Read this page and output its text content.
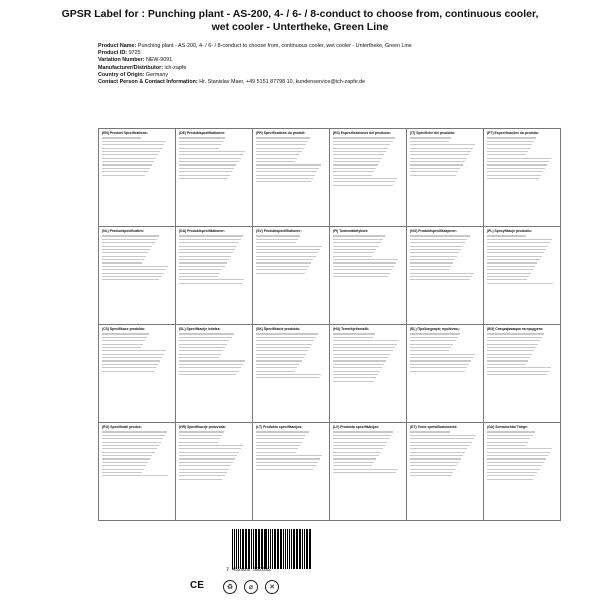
GPSR Label for : Punching plant - AS-200, 4- / 6- / 8-conduct to choose from, continuous cooler, wet cooler - Untertheke, Green Line
Product Name: Punching plant - AS-200, 4- / 6- / 8-conduct to choose from, continuous cooler, wet cooler - Untertheke, Green Line
Product ID: 9725
Variation Number: NEW-9091
Manufacturer/Distributor: ich-zapfe
Country of Origin: Germany
Contact Person & Contact Information: Hr. Stanislav Maer, +49 5151 87798 10, kundenservice@ich-zapfe.de
(EN) Product Specifications:	(DE) Produktspezifikationen:	(FR) Spécifications du produit:	(ES) Especificaciones del producto:	(IT) Specifiche del prodotto:	(PT) Especificações do produto:
(NL) Productspecificaties:	(DA) Produktspecifikationer:	(SV) Produktspecifikationer:	(FI) Tuotemääritykset:	(NO) Produktspesifikasjoner:	(PL) Specyfikacje produktu:
(CS) Specifikace produktu:	(SL) Specifikacije izdelka:	(SK) Špecifikácie produktu:	(HU) Termékjellemzők:	(EL) Προδιαγραφές προϊόντος:	(BG) Спецификации на продукта:
(RO) Specificații produs:	(HR) Specifikacije proizvoda:	(LT) Produkto specifikacijos:	(LV) Produkta specifikācijas:	(ET) Toote spetsifikatsioonid:	(GA) Sonraíochtaí Táirge:
7 452028 582632
CE	♻	⌀	✕
